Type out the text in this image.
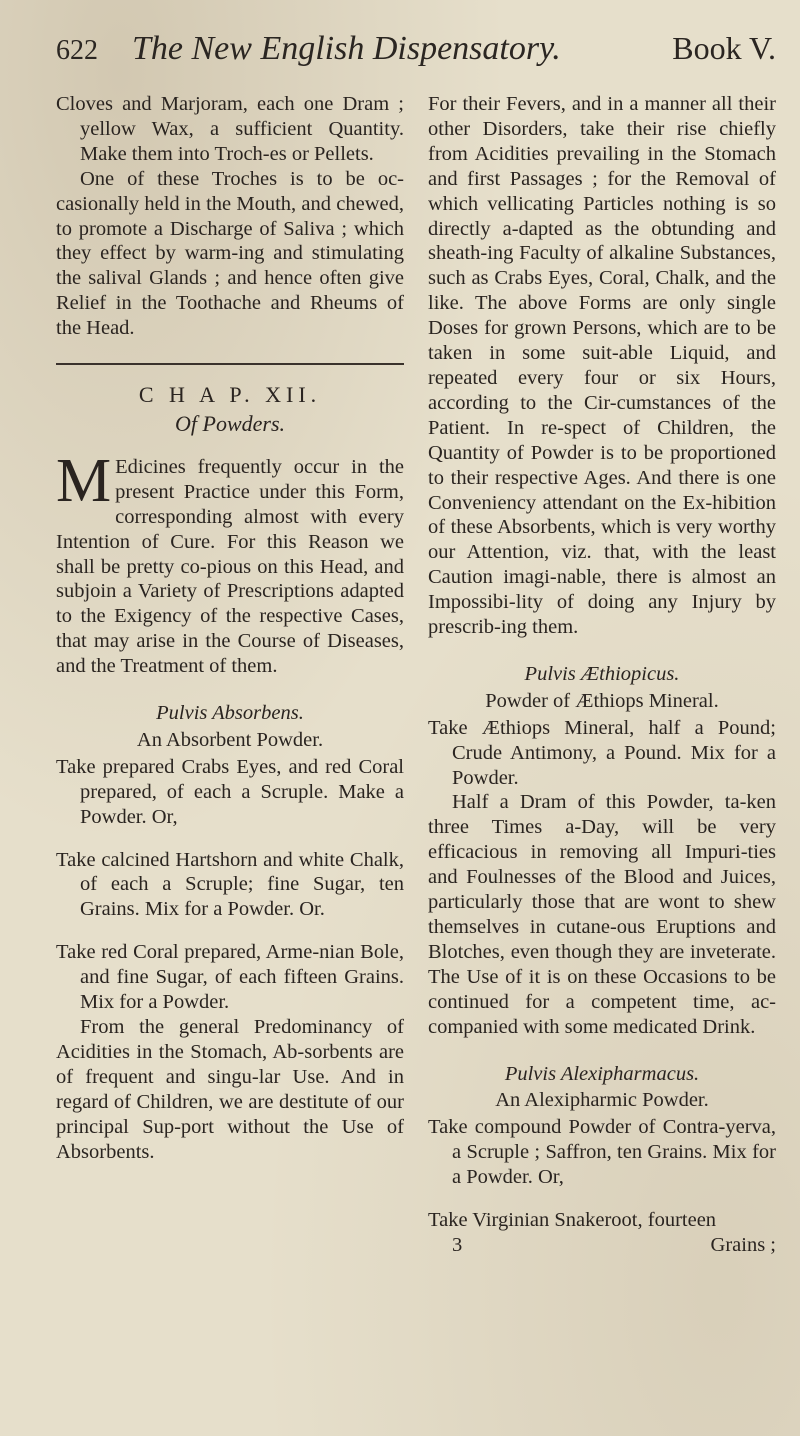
622 The New English Dispensatory.	Book V.

Cloves and Marjoram, each one Dram ; yellow Wax, a sufficient Quantity. Make them into Troch-es or Pellets.

One of these Troches is to be oc-casionally held in the Mouth, and chewed, to promote a Discharge of Saliva ; which they effect by warm-ing and stimulating the salival Glands ; and hence often give Relief in the Toothache and Rheums of the Head.

C H A P. XII.
Of Powders.

M Edicines frequently occur in the present Practice under this Form, corresponding almost with every Intention of Cure. For this Reason we shall be pretty co-pious on this Head, and subjoin a Variety of Prescriptions adapted to the Exigency of the respective Cases, that may arise in the Course of Diseases, and the Treatment of them.

Pulvis Absorbens.
An Absorbent Powder.

Take prepared Crabs Eyes, and red Coral prepared, of each a Scruple. Make a Powder. Or,

Take calcined Hartshorn and white Chalk, of each a Scruple; fine Sugar, ten Grains. Mix for a Powder. Or.

Take red Coral prepared, Arme-nian Bole, and fine Sugar, of each fifteen Grains. Mix for a Powder.

From the general Predominancy of Acidities in the Stomach, Ab-sorbents are of frequent and singu-lar Use. And in regard of Children, we are destitute of our principal Sup-port without the Use of Absorbents.

For their Fevers, and in a manner all their other Disorders, take their rise chiefly from Acidities prevailing in the Stomach and first Passages ; for the Removal of which vellicating Particles nothing is so directly a-dapted as the obtunding and sheath-ing Faculty of alkaline Substances, such as Crabs Eyes, Coral, Chalk, and the like. The above Forms are only single Doses for grown Persons, which are to be taken in some suit-able Liquid, and repeated every four or six Hours, according to the Cir-cumstances of the Patient. In re-spect of Children, the Quantity of Powder is to be proportioned to their respective Ages. And there is one Conveniency attendant on the Ex-hibition of these Absorbents, which is very worthy our Attention, viz. that, with the least Caution imagi-nable, there is almost an Impossibi-lity of doing any Injury by prescrib-ing them.

Pulvis Æthiopicus.
Powder of Æthiops Mineral.

Take Æthiops Mineral, half a Pound; Crude Antimony, a Pound. Mix for a Powder.

Half a Dram of this Powder, ta-ken three Times a-Day, will be very efficacious in removing all Impuri-ties and Foulnesses of the Blood and Juices, particularly those that are wont to shew themselves in cutane-ous Eruptions and Blotches, even though they are inveterate. The Use of it is on these Occasions to be continued for a competent time, ac-companied with some medicated Drink.

Pulvis Alexipharmacus.
An Alexipharmic Powder.

Take compound Powder of Contra-yerva, a Scruple ; Saffron, ten Grains. Mix for a Powder. Or,

Take Virginian Snakeroot, fourteen

3	Grains ;
